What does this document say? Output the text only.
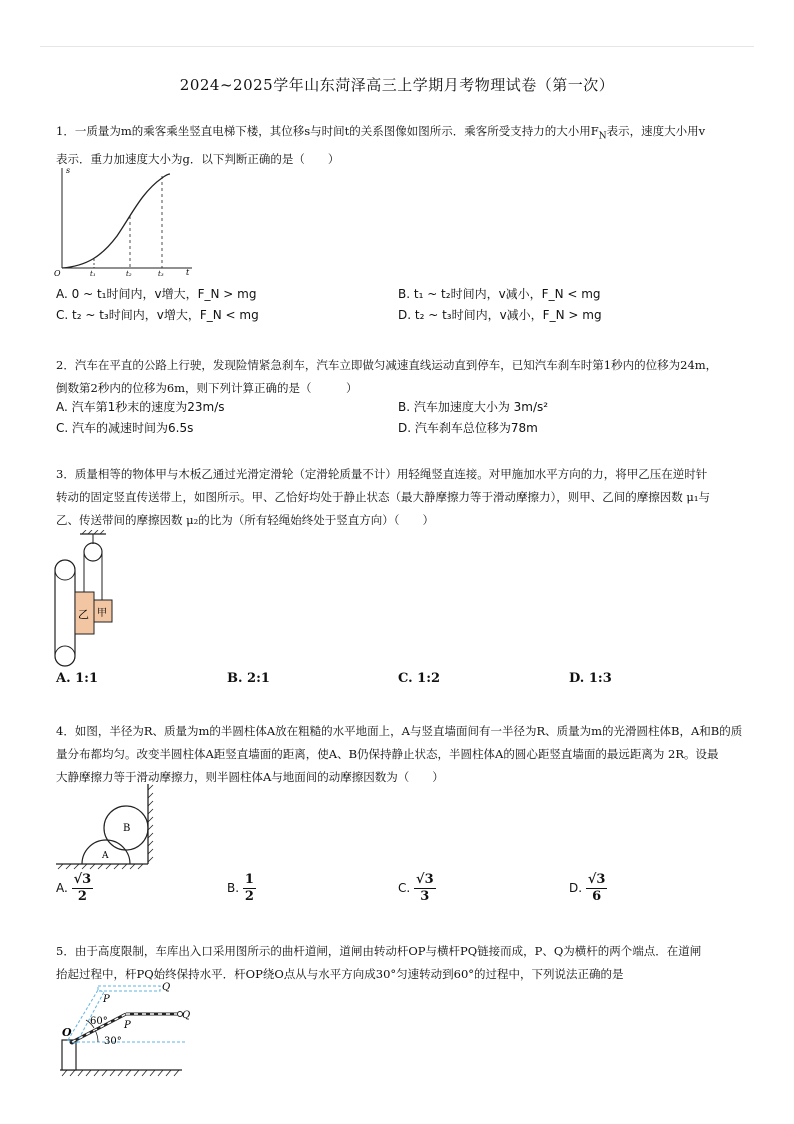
2024~2025学年山东菏泽高三上学期月考物理试卷（第一次）
1．一质量为m的乘客乘坐竖直电梯下楼，其位移s与时间t的关系图像如图所示．乘客所受支持力的大小用$F_N$表示，速度大小用v
表示．重力加速度大小为g．以下判断正确的是（　　）
s
t
O	t₁	t₂	t₃
A. 0 ~ t₁时间内，v增大，F_N > mg	B. t₁ ~ t₂时间内，v减小，F_N < mg
C. t₂ ~ t₃时间内，v增大，F_N < mg	D. t₂ ~ t₃时间内，v减小，F_N > mg
2．汽车在平直的公路上行驶，发现险情紧急刹车，汽车立即做匀减速直线运动直到停车，已知汽车刹车时第1秒内的位移为24m，
倒数第2秒内的位移为6m，则下列计算正确的是（　　　）
A. 汽车第1秒末的速度为23m/s	B. 汽车加速度大小为 3m/s²
C. 汽车的减速时间为6.5s	D. 汽车刹车总位移为78m
3．质量相等的物体甲与木板乙通过光滑定滑轮（定滑轮质量不计）用轻绳竖直连接。对甲施加水平方向的力，将甲乙压在逆时针
转动的固定竖直传送带上，如图所示。甲、乙恰好均处于静止状态（最大静摩擦力等于滑动摩擦力），则甲、乙间的摩擦因数 μ₁与
乙、传送带间的摩擦因数 μ₂的比为（所有轻绳始终处于竖直方向）（　　）
乙 甲
A. 1:1	B. 2:1	C. 1:2	D. 1:3
4．如图，半径为R、质量为m的半圆柱体A放在粗糙的水平地面上，A与竖直墙面间有一半径为R、质量为m的光滑圆柱体B，A和B的质
量分布都均匀。改变半圆柱体A距竖直墙面的距离，使A、B仍保持静止状态，半圆柱体A的圆心距竖直墙面的最远距离为 2R。设最
大静摩擦力等于滑动摩擦力，则半圆柱体A与地面间的动摩擦因数为（　　）
A
B
A. $\frac{√3}{2}$	B. $\frac{1}{2}$	C. $\frac{√3}{3}$	D. $\frac{√3}{6}$
5．由于高度限制，车库出入口采用图所示的曲杆道闸，道闸由转动杆OP与横杆PQ链接而成，P、Q为横杆的两个端点．在道闸
抬起过程中，杆PQ始终保持水平．杆OP绕O点从与水平方向成30°匀速转动到60°的过程中，下列说法正确的是
O
P
Q
P
Q
60°
30°
